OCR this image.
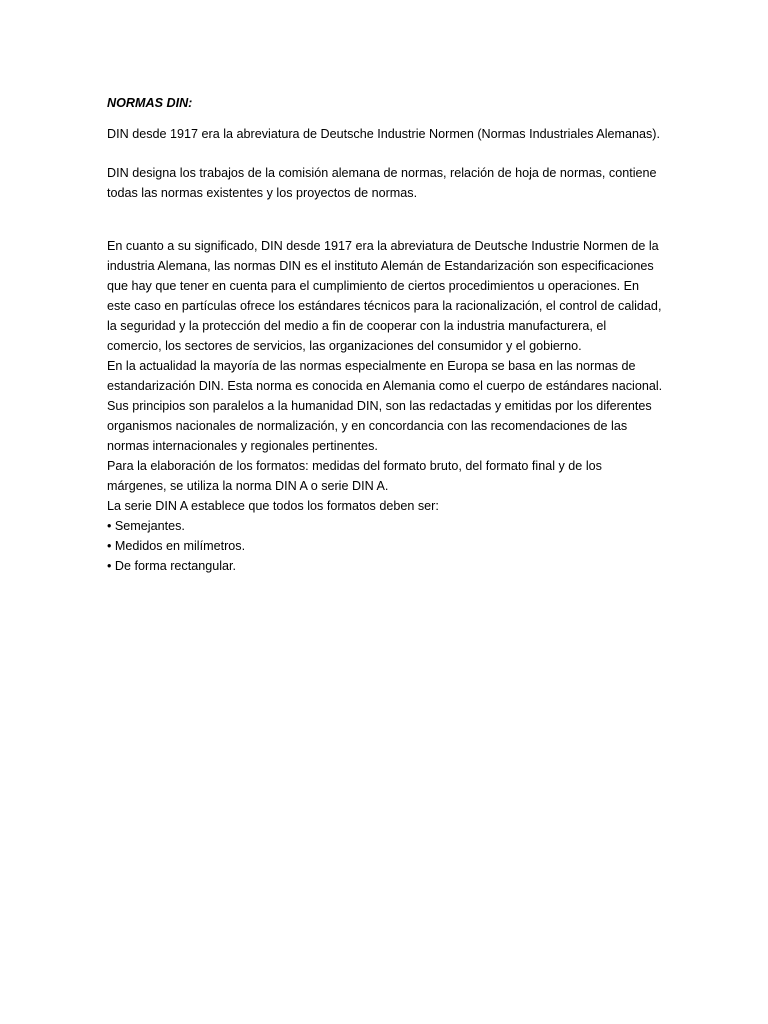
NORMAS DIN:

DIN desde 1917 era la abreviatura de Deutsche Industrie Normen (Normas Industriales Alemanas).

DIN designa los trabajos de la comisión alemana de normas, relación de hoja de normas, contiene
todas las normas existentes y los proyectos de normas.

En cuanto a su significado, DIN desde 1917 era la abreviatura de Deutsche Industrie Normen de la
industria Alemana, las normas DIN es el instituto Alemán de Estandarización son especificaciones
que hay que tener en cuenta para el cumplimiento de ciertos procedimientos u operaciones. En
este caso en partículas ofrece los estándares técnicos para la racionalización, el control de calidad,
la seguridad y la protección del medio a fin de cooperar con la industria manufacturera, el
comercio, los sectores de servicios, las organizaciones del consumidor y el gobierno.
En la actualidad la mayoría de las normas especialmente en Europa se basa en las normas de
estandarización DIN. Esta norma es conocida en Alemania como el cuerpo de estándares nacional.
Sus principios son paralelos a la humanidad DIN, son las redactadas y emitidas por los diferentes
organismos nacionales de normalización, y en concordancia con las recomendaciones de las
normas internacionales y regionales pertinentes.
Para la elaboración de los formatos: medidas del formato bruto, del formato final y de los
márgenes, se utiliza la norma DIN A o serie DIN A.
La serie DIN A establece que todos los formatos deben ser:
• Semejantes.
• Medidos en milímetros.
• De forma rectangular.
